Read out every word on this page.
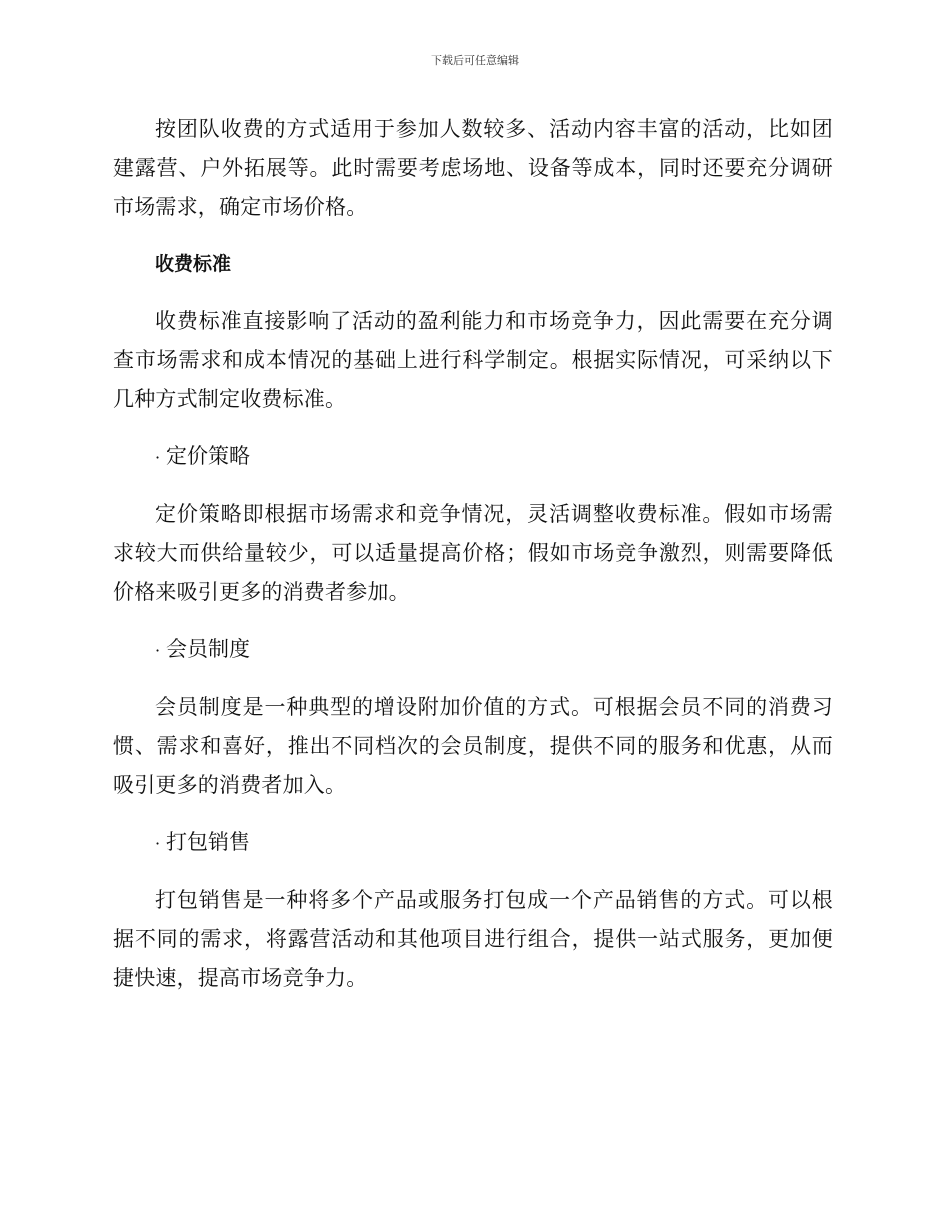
下载后可任意编辑

按团队收费的方式适用于参加人数较多、活动内容丰富的活动，比如团建露营、户外拓展等。此时需要考虑场地、设备等成本，同时还要充分调研市场需求，确定市场价格。

收费标准

收费标准直接影响了活动的盈利能力和市场竞争力，因此需要在充分调查市场需求和成本情况的基础上进行科学制定。根据实际情况，可采纳以下几种方式制定收费标准。

· 定价策略

定价策略即根据市场需求和竞争情况，灵活调整收费标准。假如市场需求较大而供给量较少，可以适量提高价格；假如市场竞争激烈，则需要降低价格来吸引更多的消费者参加。

· 会员制度

会员制度是一种典型的增设附加价值的方式。可根据会员不同的消费习惯、需求和喜好，推出不同档次的会员制度，提供不同的服务和优惠，从而吸引更多的消费者加入。

· 打包销售

打包销售是一种将多个产品或服务打包成一个产品销售的方式。可以根据不同的需求，将露营活动和其他项目进行组合，提供一站式服务，更加便捷快速，提高市场竞争力。
